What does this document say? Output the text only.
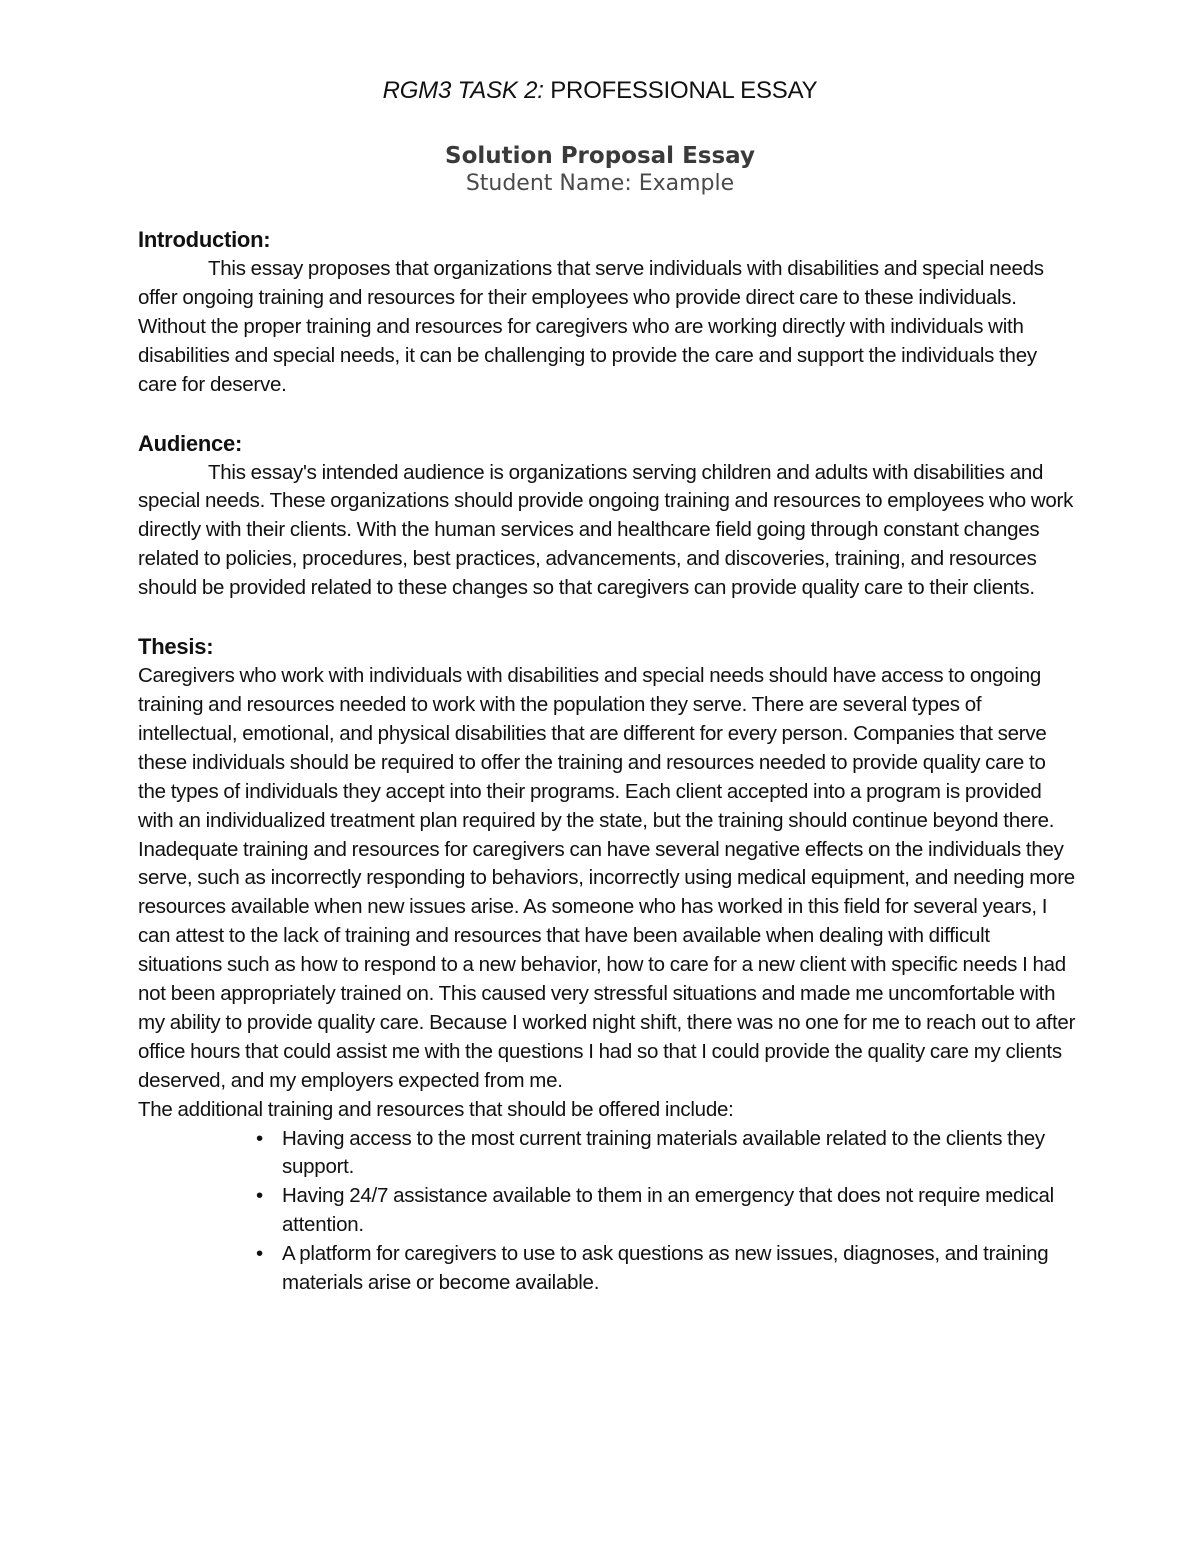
RGM3 TASK 2: PROFESSIONAL ESSAY
Solution Proposal Essay
Student Name: Example
Introduction:

This essay proposes that organizations that serve individuals with disabilities and special needs offer ongoing training and resources for their employees who provide direct care to these individuals. Without the proper training and resources for caregivers who are working directly with individuals with disabilities and special needs, it can be challenging to provide the care and support the individuals they care for deserve.

Audience:

This essay's intended audience is organizations serving children and adults with disabilities and special needs. These organizations should provide ongoing training and resources to employees who work directly with their clients. With the human services and healthcare field going through constant changes related to policies, procedures, best practices, advancements, and discoveries, training, and resources should be provided related to these changes so that caregivers can provide quality care to their clients.

Thesis:

Caregivers who work with individuals with disabilities and special needs should have access to ongoing training and resources needed to work with the population they serve. There are several types of intellectual, emotional, and physical disabilities that are different for every person. Companies that serve these individuals should be required to offer the training and resources needed to provide quality care to the types of individuals they accept into their programs. Each client accepted into a program is provided with an individualized treatment plan required by the state, but the training should continue beyond there. Inadequate training and resources for caregivers can have several negative effects on the individuals they serve, such as incorrectly responding to behaviors, incorrectly using medical equipment, and needing more resources available when new issues arise. As someone who has worked in this field for several years, I can attest to the lack of training and resources that have been available when dealing with difficult situations such as how to respond to a new behavior, how to care for a new client with specific needs I had not been appropriately trained on. This caused very stressful situations and made me uncomfortable with my ability to provide quality care. Because I worked night shift, there was no one for me to reach out to after office hours that could assist me with the questions I had so that I could provide the quality care my clients deserved, and my employers expected from me.

The additional training and resources that should be offered include:

• Having access to the most current training materials available related to the clients they support.
• Having 24/7 assistance available to them in an emergency that does not require medical attention.
• A platform for caregivers to use to ask questions as new issues, diagnoses, and training materials arise or become available.
